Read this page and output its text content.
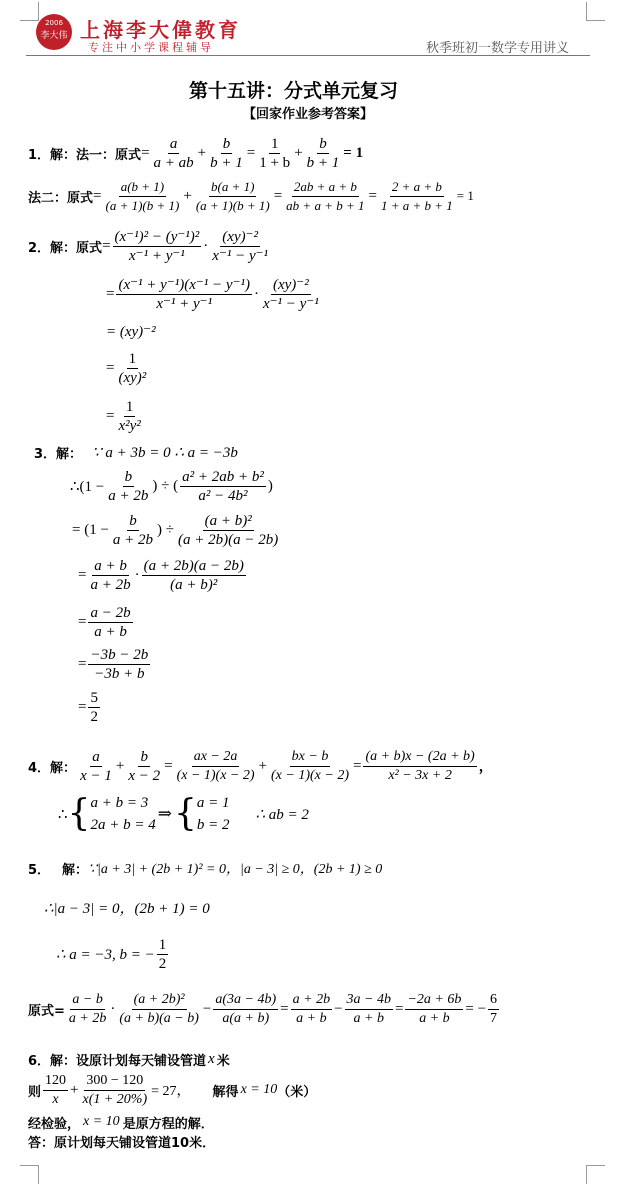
2006
李大伟 上海李大偉教育
专注中小学课程辅导	秋季班初一数学专用讲义
第十五讲：分式单元复习
【回家作业参考答案】
1． 解：法一：原式 = $\frac{a}{a + ab} + \frac{b}{b + 1} = \frac{1}{1 + b} + \frac{b}{b + 1} = 1$
法二：原式 = $\frac{a(b + 1)}{(a + 1)(b + 1)} + \frac{b(a + 1)}{(a + 1)(b + 1)} = \frac{2ab + a + b}{ab + a + b + 1} = \frac{2 + a + b}{1 + a + b + 1} = 1$
2． 解：原式 = $\frac{\text{(x⁻¹)² − (y⁻¹)²}}{\text{x⁻¹ + y⁻¹}} \cdot \frac{\text{(xy)⁻²}}{\text{x⁻¹ − y⁻¹}}$
= $\frac{\text{(x⁻¹ + y⁻¹)(x⁻¹ − y⁻¹)}}{\text{x⁻¹ + y⁻¹}} \cdot \frac{\text{(xy)⁻²}}{\text{x⁻¹ − y⁻¹}}$
= (xy)⁻²
= $\frac{1}{\text{(xy)²}}$
= $\frac{1}{\text{x²y²}}$
3． 解： ∵ a + 3b = 0 ∴ a = −3b
∴(1 − $\frac{b}{a + 2b}$ ) ÷ ( $\frac{\text{a² + 2ab + b²}}{\text{a² − 4b²}}$ )
= ($1 - \frac{b}{a + 2b}$ ) ÷ $\frac{\text{(a + b)²}}{(a + 2b)(a - 2b)}$
= $\frac{a + b}{a + 2b} \cdot \frac{(a + 2b)(a - 2b)}{\text{(a + b)²}}$
= $\frac{a - 2b}{a + b}$
= $\frac{-3b - 2b}{-3b + b}$
= $\frac{5}{2}$
4． 解： $\frac{a}{x - 1} + \frac{b}{x - 2} = \frac{ax - 2a}{(x - 1)(x - 2)} + \frac{bx - b}{(x - 1)(x - 2)} = \frac{(a + b)x - (2a + b)}{\text{x² − 3x + 2}}$ ，
∴ { a + b = 3
2a + b = 4
⇒ { a = 1
b = 2
∴ ab = 2
5． 解： ∵|a + 3| + (2b + 1)² = 0，|a − 3| ≥ 0，(2b + 1) ≥ 0
∴|a − 3| = 0，(2b + 1) = 0
∴ a = −3, b = − $\frac{1}{2}$
原式= $\frac{a - b}{a + 2b} \cdot \frac{\text{(a + 2b)²}}{(a + b)(a - b)} - \frac{a(3a - 4b)}{a(a + b)} = \frac{a + 2b}{a + b} - \frac{3a - 4b}{a + b} = \frac{-2a + 6b}{a + b}$ = − $\frac{6}{7}$
6．解：设原计划每天铺设管道 x 米
则 $\frac{120}{x} + \frac{300 - 120}{x(1 + 20\%)} = 27$， 解得 x = 10 （米）
经检验， x = 10 是原方程的解．
答：原计划每天铺设管道10米．
